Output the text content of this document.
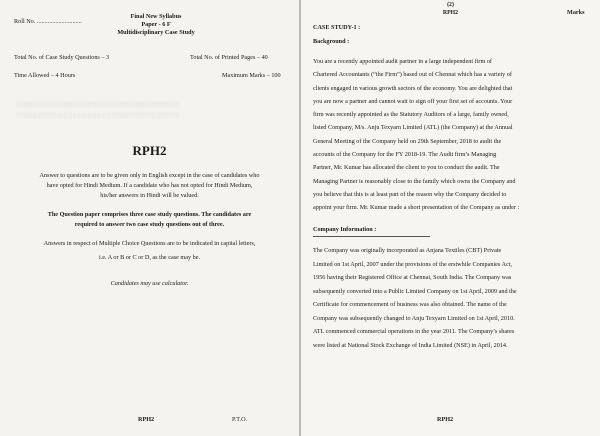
░░░░░░░░░░░░░░░░░░░░░░░░░░░░░░░░░░░░░░░░░░
░░░░░░░░░░░░░░░░░░░░░░░░░░░░░░░░░░░░░░░░░░
Roll No. .............................
Final New Syllabus
Paper - 6 F
Multidisciplinary Case Study
Total No. of Case Study Questions – 3	Total No. of Printed Pages – 40
Time Allowed – 4 Hours	Maximum Marks – 100
RPH2
Answer to questions are to be given only in English except in the case of candidates who
have opted for Hindi Medium. If a candidate who has not opted for Hindi Medium,
his/her answers in Hindi will be valued.
The Question paper comprises three case study questions. The candidates are
required to answer two case study questions out of three.
Answers in respect of Multiple Choice Questions are to be indicated in capital letters,
i.e. A or B or C or D, as the case may be.
Candidates may use calculator.
RPH2	P.T.O.
(2)
RPH2	Marks
CASE STUDY-1 :
Background :
You are a recently appointed audit partner in a large independent firm of
Chartered Accountants (“the Firm”) based out of Chennai which has a variety of
clients engaged in various growth sectors of the economy. You are delighted that
you are now a partner and cannot wait to sign off your first set of accounts. Your
firm was recently appointed as the Statutory Auditors of a large, family owned,
listed Company, M/s. Anju Texyarn Limited (ATL) (the Company) at the Annual
General Meeting of the Company held on 29th September, 2018 to audit the
accounts of the Company for the FY 2018-19. The Audit firm’s Managing
Partner, Mr. Kumar has allocated the client to you to conduct the audit. The
Managing Partner is reasonably close to the family which owns the Company and
you believe that this is at least part of the reason why the Company decided to
appoint your firm. Mr. Kumar made a short presentation of the Company as under :
Company Information :
The Company was originally incorporated as Anjana Textiles (CBT) Private
Limited on 1st April, 2007 under the provisions of the erstwhile Companies Act,
1956 having their Registered Office at Chennai, South India. The Company was
subsequently converted into a Public Limited Company on 1st April, 2009 and the
Certificate for commencement of business was also obtained. The name of the
Company was subsequently changed to Anju Texyarn Limited on 1st April, 2010.
ATL commenced commercial operations in the year 2011. The Company’s shares
were listed at National Stock Exchange of India Limited (NSE) in April, 2014.
RPH2
